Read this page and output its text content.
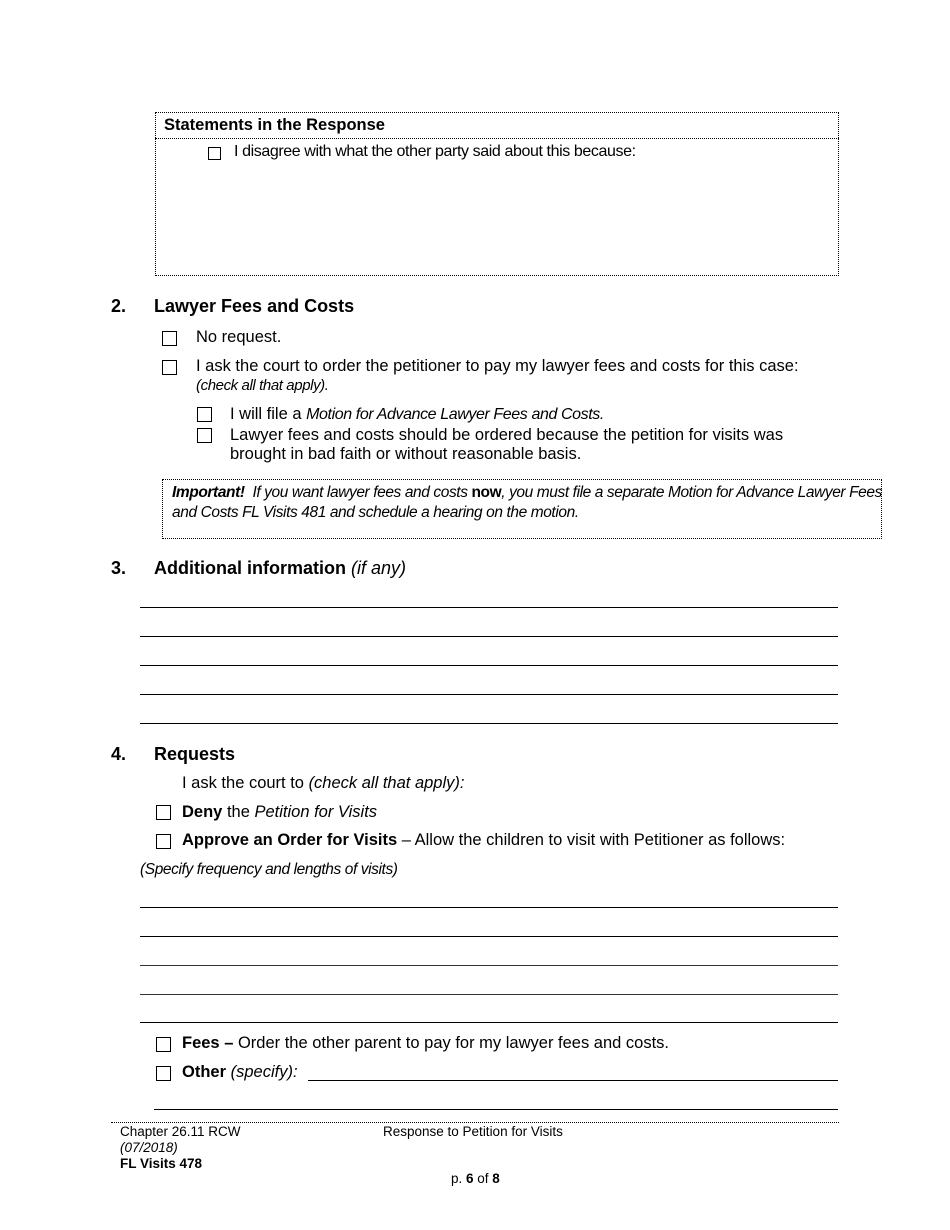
Statements in the Response
I disagree with what the other party said about this because:
2. Lawyer Fees and Costs
No request.
I ask the court to order the petitioner to pay my lawyer fees and costs for this case:
(check all that apply).
I will file a Motion for Advance Lawyer Fees and Costs.
Lawyer fees and costs should be ordered because the petition for visits was
brought in bad faith or without reasonable basis.
Important!  If you want lawyer fees and costs now, you must file a separate Motion for Advance Lawyer Fees
and Costs FL Visits 481 and schedule a hearing on the motion.
3. Additional information (if any)
4. Requests
I ask the court to (check all that apply):
Deny the Petition for Visits
Approve an Order for Visits – Allow the children to visit with Petitioner as follows:
(Specify frequency and lengths of visits)
Fees – Order the other parent to pay for my lawyer fees and costs.
Other (specify):
Chapter 26.11 RCW
(07/2018)
FL Visits 478
Response to Petition for Visits

p. 6 of 8
